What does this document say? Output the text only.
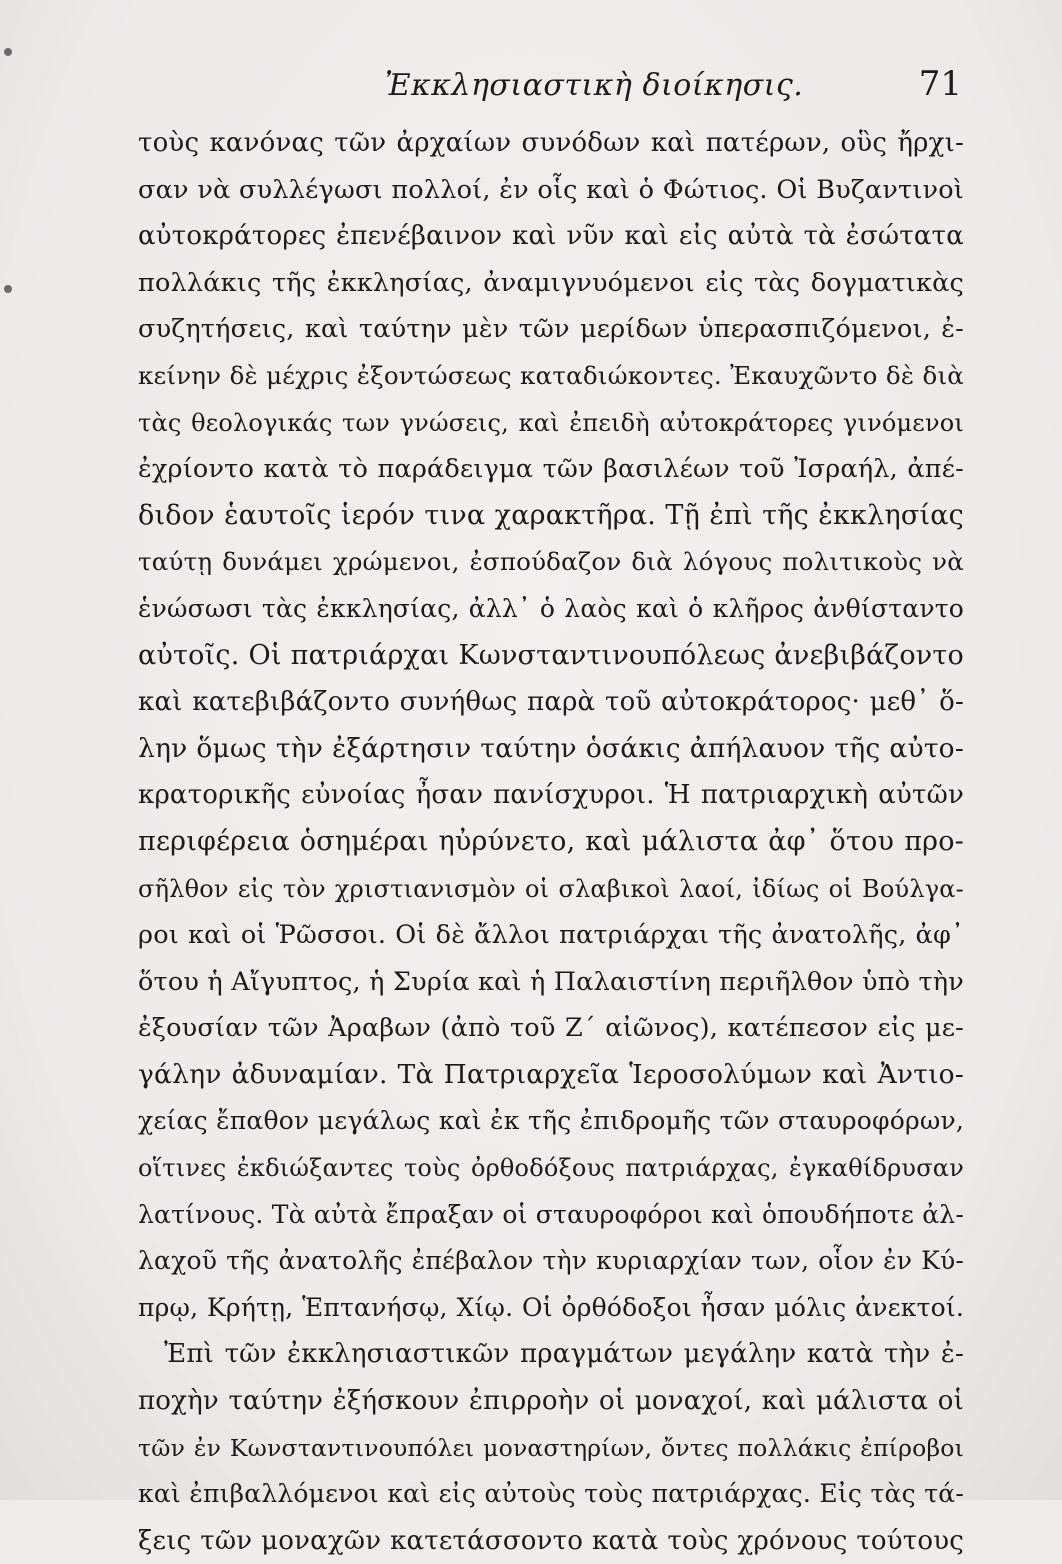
Ἐκκλησιαστικὴ διοίκησις.	71
τοὺς κανόνας τῶν ἀρχαίων συνόδων καὶ πατέρων, οὓς ἤρχι-
σαν νὰ συλλέγωσι πολλοί, ἐν οἷς καὶ ὁ Φώτιος. Οἱ Βυζαντινοὶ
αὐτοκράτορες ἐπενέβαινον καὶ νῦν καὶ εἰς αὐτὰ τὰ ἐσώτατα
πολλάκις τῆς ἐκκλησίας, ἀναμιγνυόμενοι εἰς τὰς δογματικὰς
συζητήσεις, καὶ ταύτην μὲν τῶν μερίδων ὑπερασπιζόμενοι, ἐ-
κείνην δὲ μέχρις ἐξοντώσεως καταδιώκοντες. Ἐκαυχῶντο δὲ διὰ
τὰς θεολογικάς των γνώσεις, καὶ ἐπειδὴ αὐτοκράτορες γινόμενοι
ἐχρίοντο κατὰ τὸ παράδειγμα τῶν βασιλέων τοῦ Ἰσραήλ, ἀπέ-
διδον ἑαυτοῖς ἱερόν τινα χαρακτῆρα. Τῇ ἐπὶ τῆς ἐκκλησίας
ταύτῃ δυνάμει χρώμενοι, ἐσπούδαζον διὰ λόγους πολιτικοὺς νὰ
ἑνώσωσι τὰς ἐκκλησίας, ἀλλ᾽ ὁ λαὸς καὶ ὁ κλῆρος ἀνθίσταντο
αὐτοῖς. Οἱ πατριάρχαι Κωνσταντινουπόλεως ἀνεβιβάζοντο
καὶ κατεβιβάζοντο συνήθως παρὰ τοῦ αὐτοκράτορος· μεθ᾽ ὅ-
λην ὅμως τὴν ἐξάρτησιν ταύτην ὁσάκις ἀπήλαυον τῆς αὐτο-
κρατορικῆς εὐνοίας ἦσαν πανίσχυροι. Ἡ πατριαρχικὴ αὐτῶν
περιφέρεια ὁσημέραι ηὐρύνετο, καὶ μάλιστα ἀφ᾽ ὅτου προ-
σῆλθον εἰς τὸν χριστιανισμὸν οἱ σλαβικοὶ λαοί, ἰδίως οἱ Βούλγα-
ροι καὶ οἱ Ῥῶσσοι. Οἱ δὲ ἄλλοι πατριάρχαι τῆς ἀνατολῆς, ἀφ᾽
ὅτου ἡ Αἴγυπτος, ἡ Συρία καὶ ἡ Παλαιστίνη περιῆλθον ὑπὸ τὴν
ἐξουσίαν τῶν Ἀραβων (ἀπὸ τοῦ Ζ´ αἰῶνος), κατέπεσον εἰς με-
γάλην ἀδυναμίαν. Τὰ Πατριαρχεῖα Ἱεροσολύμων καὶ Ἀντιο-
χείας ἔπαθον μεγάλως καὶ ἐκ τῆς ἐπιδρομῆς τῶν σταυροφόρων,
οἵτινες ἐκδιώξαντες τοὺς ὀρθοδόξους πατριάρχας, ἐγκαθίδρυσαν
λατίνους. Τὰ αὐτὰ ἔπραξαν οἱ σταυροφόροι καὶ ὁπουδήποτε ἀλ-
λαχοῦ τῆς ἀνατολῆς ἐπέβαλον τὴν κυριαρχίαν των, οἷον ἐν Κύ-
πρῳ, Κρήτῃ, Ἑπτανήσῳ, Χίῳ. Οἱ ὀρθόδοξοι ἦσαν μόλις ἀνεκτοί.
Ἐπὶ τῶν ἐκκλησιαστικῶν πραγμάτων μεγάλην κατὰ τὴν ἐ-
ποχὴν ταύτην ἐξήσκουν ἐπιρροὴν οἱ μοναχοί, καὶ μάλιστα οἱ
τῶν ἐν Κωνσταντινουπόλει μοναστηρίων, ὄντες πολλάκις ἐπίροβοι
καὶ ἐπιβαλλόμενοι καὶ εἰς αὐτοὺς τοὺς πατριάρχας. Εἰς τὰς τά-
ξεις τῶν μοναχῶν κατετάσσοντο κατὰ τοὺς χρόνους τούτους
